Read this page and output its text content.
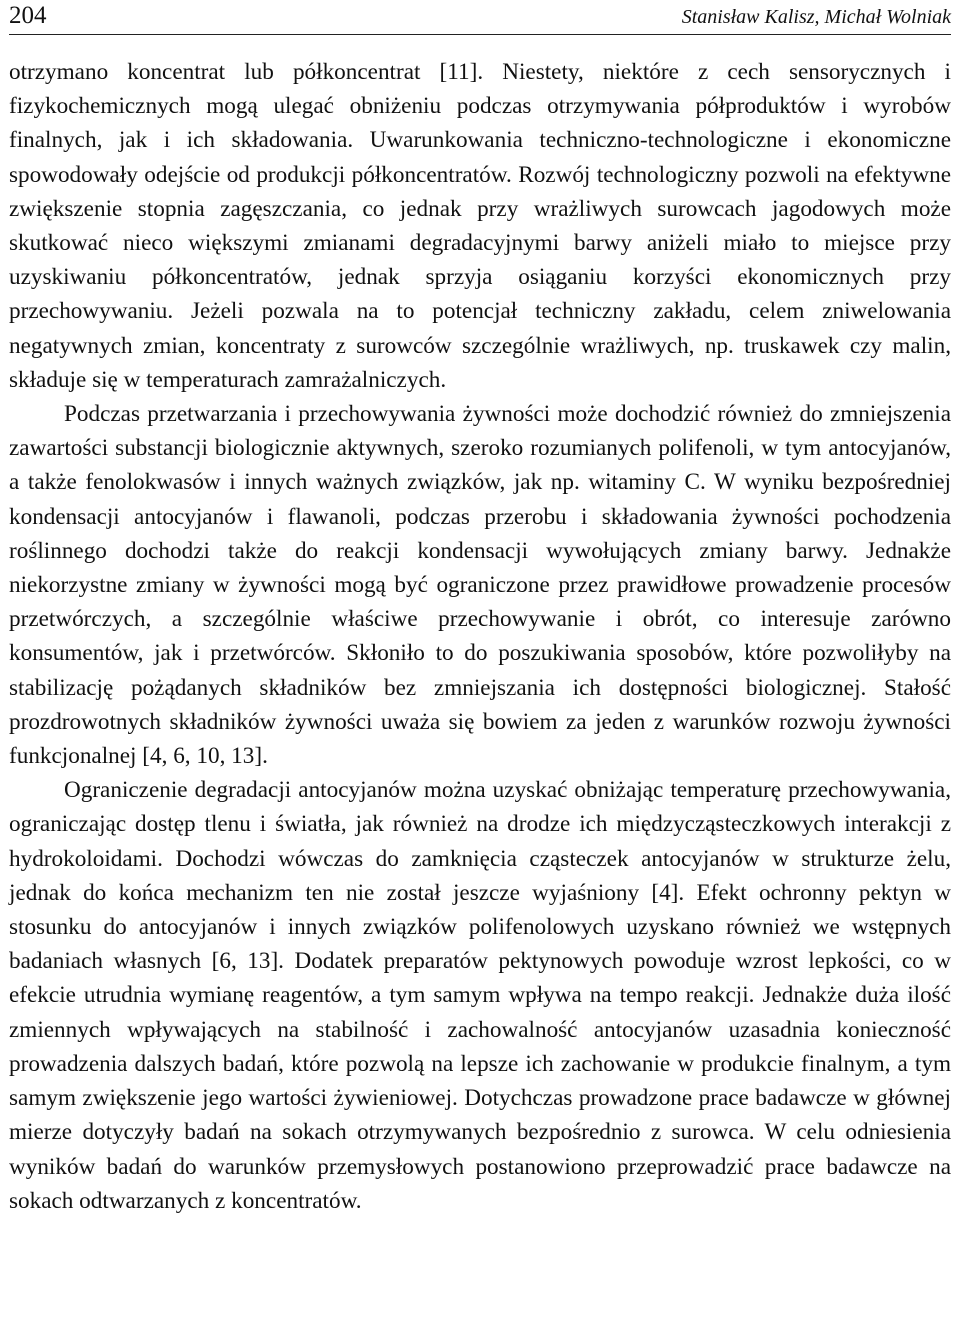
204	Stanisław Kalisz, Michał Wolniak

otrzymano koncentrat lub półkoncentrat [11]. Niestety, niektóre z cech sensorycznych i fizykochemicznych mogą ulegać obniżeniu podczas otrzymywania półproduktów i wyrobów finalnych, jak i ich składowania. Uwarunkowania techniczno-technologiczne i ekonomiczne spowodowały odejście od produkcji półkoncentratów. Rozwój technologiczny pozwoli na efektywne zwiększenie stopnia zagęszczania, co jednak przy wrażliwych surowcach jagodowych może skutkować nieco większymi zmianami degradacyjnymi barwy aniżeli miało to miejsce przy uzyskiwaniu półkoncentratów, jednak sprzyja osiąganiu korzyści ekonomicznych przy przechowywaniu. Jeżeli pozwala na to potencjał techniczny zakładu, celem zniwelowania negatywnych zmian, koncentraty z surowców szczególnie wrażliwych, np. truskawek czy malin, składuje się w temperaturach zamrażalniczych.

Podczas przetwarzania i przechowywania żywności może dochodzić również do zmniejszenia zawartości substancji biologicznie aktywnych, szeroko rozumianych polifenoli, w tym antocyjanów, a także fenolokwasów i innych ważnych związków, jak np. witaminy C. W wyniku bezpośredniej kondensacji antocyjanów i flawanoli, podczas przerobu i składowania żywności pochodzenia roślinnego dochodzi także do reakcji kondensacji wywołujących zmiany barwy. Jednakże niekorzystne zmiany w żywności mogą być ograniczone przez prawidłowe prowadzenie procesów przetwórczych, a szczególnie właściwe przechowywanie i obrót, co interesuje zarówno konsumentów, jak i przetwórców. Skłoniło to do poszukiwania sposobów, które pozwoliłyby na stabilizację pożądanych składników bez zmniejszania ich dostępności biologicznej. Stałość prozdrowotnych składników żywności uważa się bowiem za jeden z warunków rozwoju żywności funkcjonalnej [4, 6, 10, 13].

Ograniczenie degradacji antocyjanów można uzyskać obniżając temperaturę przechowywania, ograniczając dostęp tlenu i światła, jak również na drodze ich międzycząsteczkowych interakcji z hydrokoloidami. Dochodzi wówczas do zamknięcia cząsteczek antocyjanów w strukturze żelu, jednak do końca mechanizm ten nie został jeszcze wyjaśniony [4]. Efekt ochronny pektyn w stosunku do antocyjanów i innych związków polifenolowych uzyskano również we wstępnych badaniach własnych [6, 13]. Dodatek preparatów pektynowych powoduje wzrost lepkości, co w efekcie utrudnia wymianę reagentów, a tym samym wpływa na tempo reakcji. Jednakże duża ilość zmiennych wpływających na stabilność i zachowalność antocyjanów uzasadnia konieczność prowadzenia dalszych badań, które pozwolą na lepsze ich zachowanie w produkcie finalnym, a tym samym zwiększenie jego wartości żywieniowej. Dotychczas prowadzone prace badawcze w głównej mierze dotyczyły badań na sokach otrzymywanych bezpośrednio z surowca. W celu odniesienia wyników badań do warunków przemysłowych postanowiono przeprowadzić prace badawcze na sokach odtwarzanych z koncentratów.
